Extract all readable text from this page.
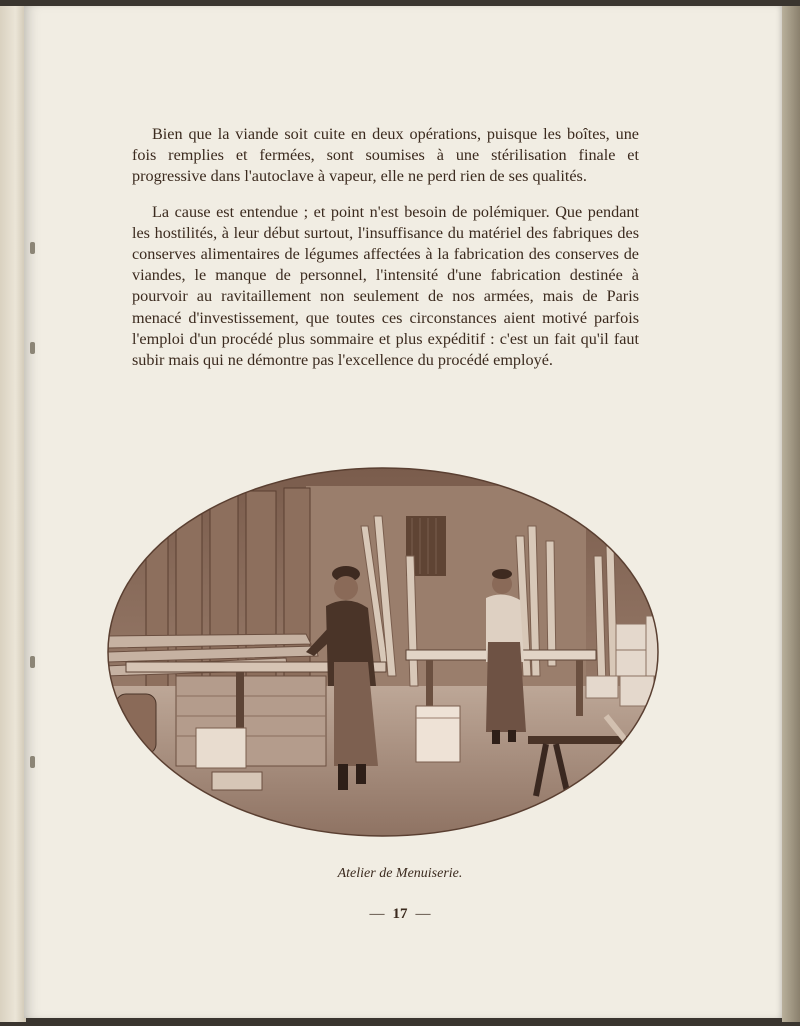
Bien que la viande soit cuite en deux opérations, puisque les boîtes, une fois remplies et fermées, sont soumises à une stérilisation finale et progressive dans l'autoclave à vapeur, elle ne perd rien de ses qualités.

La cause est entendue ; et point n'est besoin de polémiquer. Que pendant les hostilités, à leur début surtout, l'insuffisance du matériel des fabriques des conserves alimentaires de légumes affectées à la fabrication des conserves de viandes, le manque de personnel, l'intensité d'une fabrication destinée à pourvoir au ravitaillement non seulement de nos armées, mais de Paris menacé d'investissement, que toutes ces circonstances aient motivé parfois l'emploi d'un procédé plus sommaire et plus expéditif : c'est un fait qu'il faut subir mais qui ne démontre pas l'excellence du procédé employé.

Atelier de Menuiserie.
— 17 —
